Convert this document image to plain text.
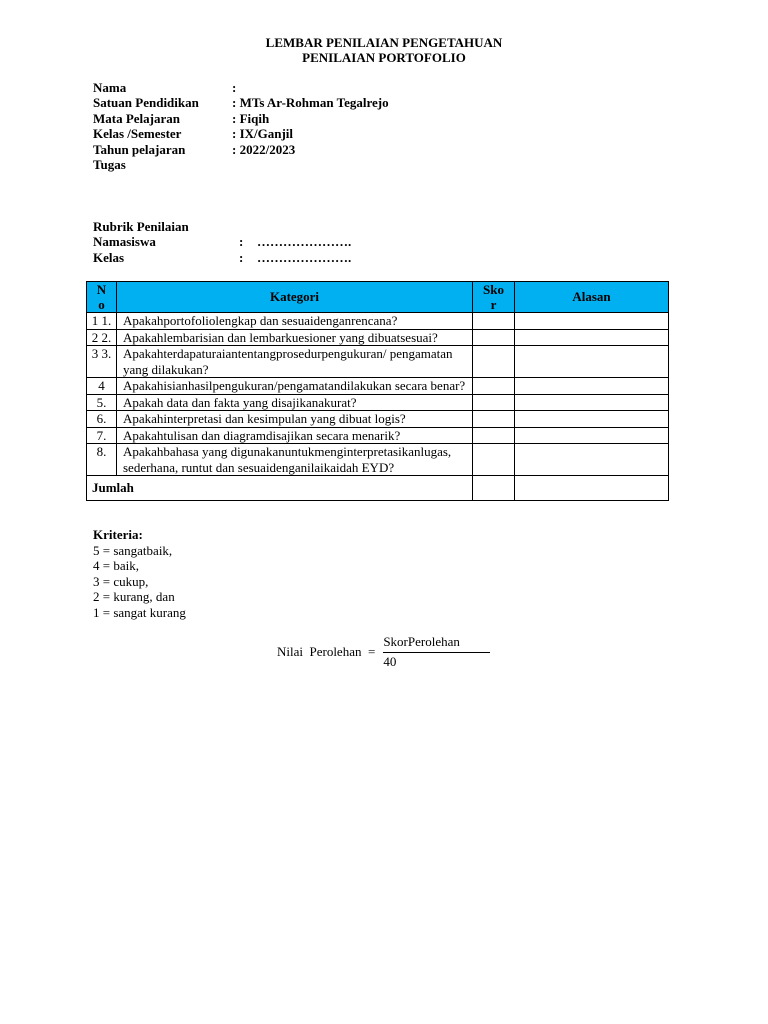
LEMBAR PENILAIAN PENGETAHUAN
PENILAIAN PORTOFOLIO
Nama	:
Satuan Pendidikan	: MTs Ar-Rohman Tegalrejo
Mata Pelajaran	: Fiqih
Kelas /Semester	: IX/Ganjil
Tahun pelajaran	: 2022/2023
Tugas
Rubrik Penilaian
Namasiswa	:	………………….
Kelas	:	………………….
No	Kategori	Skor	Alasan
1 1.	Apakahportofoliolengkap dan sesuaidenganrencana?		
2 2.	Apakahlembarisian dan lembarkuesioner yang dibuatsesuai?		
3 3.	Apakahterdapaturaiantentangprosedurpengukuran/ pengamatan yang dilakukan?		
4	Apakahisianhasilpengukuran/pengamatandilakukan secara benar?		
5.	Apakah data dan fakta yang disajikanakurat?		
6.	Apakahinterpretasi dan kesimpulan yang dibuat logis?		
7.	Apakahtulisan dan diagramdisajikan secara menarik?		
8.	Apakahbahasa yang digunakanuntukmenginterpretasikanlugas, sederhana, runtut dan sesuaidenganilaikaidah EYD?		
Jumlah			
Kriteria:
5 = sangatbaik,
4 = baik,
3 = cukup,
2 = kurang, dan
1 = sangat kurang
Nilai  Perolehan  = $\frac{\text{SkorPerolehan}}{40}$
